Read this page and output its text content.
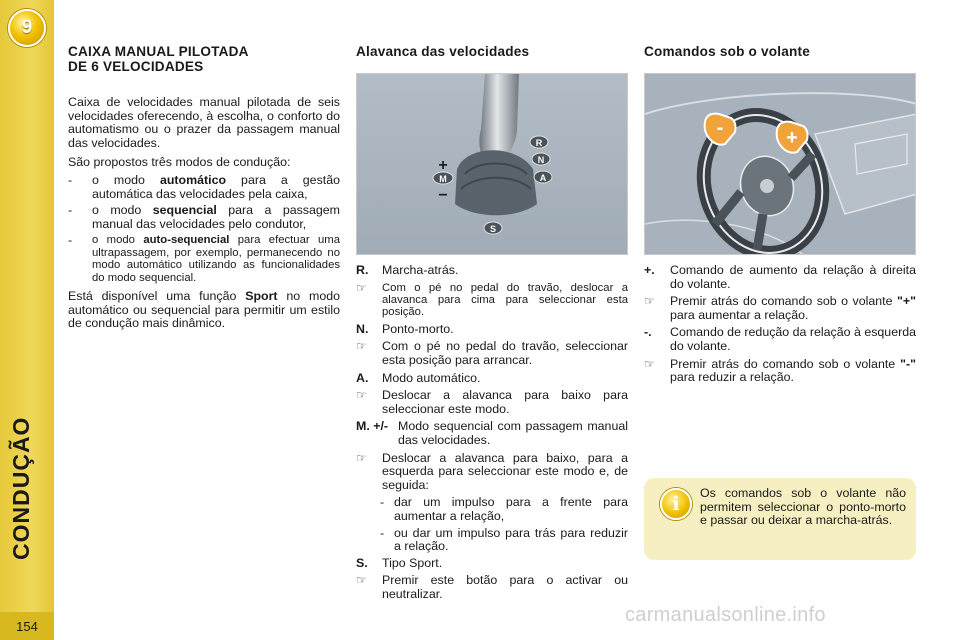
9
CONDUÇÃO
154
CAIXA MANUAL PILOTADA
DE 6 VELOCIDADES

Caixa de velocidades manual pilotada de seis velocidades oferecendo, à escolha, o conforto do automatismo ou o prazer da passagem manual das velocidades.

São propostos três modos de condução:

-	o modo automático para a gestão automática das velocidades pela caixa,
-	o modo sequencial para a passagem manual das velocidades pelo condutor,
-	o modo auto-sequencial para efectuar uma ultrapassagem, por exemplo, permanecendo no modo automático utilizando as funcionalidades do modo sequencial.

Está disponível uma função Sport no modo automático ou sequencial para permitir um estilo de condução mais dinâmico.

Alavanca das velocidades
R
N
A
M
+
−
S
R.	Marcha-atrás.
☞	Com o pé no pedal do travão, deslocar a alavanca para cima para seleccionar esta posição.
N.	Ponto-morto.
☞	Com o pé no pedal do travão, seleccionar esta posição para arrancar.
A.	Modo automático.
☞	Deslocar a alavanca para baixo para seleccionar este modo.
M. +/- Modo sequencial com passagem manual das velocidades.
☞	Deslocar a alavanca para baixo, para a esquerda para seleccionar este modo e, de seguida:
- dar um impulso para a frente para aumentar a relação,
- ou dar um impulso para trás para reduzir a relação.
S.	Tipo Sport.
☞	Premir este botão para o activar ou neutralizar.
Comandos sob o volante
-	+
+.	Comando de aumento da relação à direita do volante.
☞	Premir atrás do comando sob o volante "+" para aumentar a relação.
-.	Comando de redução da relação à esquerda do volante.
☞	Premir atrás do comando sob o volante "-" para reduzir a relação.
i	Os comandos sob o volante não permitem seleccionar o ponto-morto e passar ou deixar a marcha-atrás.
carmanualsonline.info
